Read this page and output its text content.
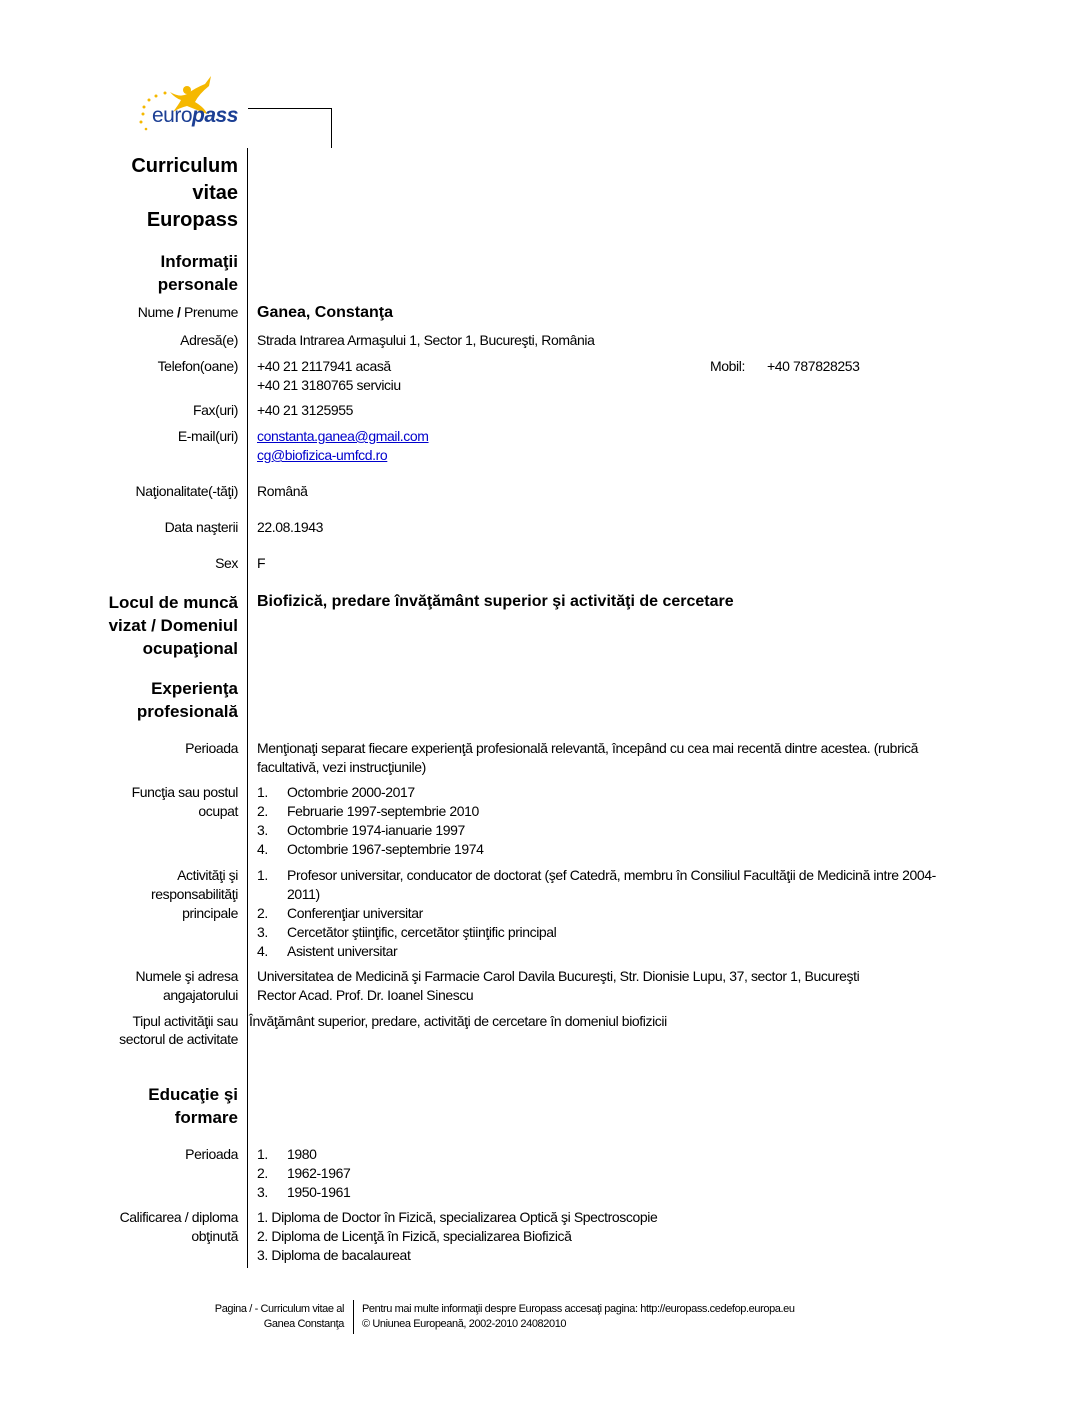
europass
Curriculum
vitae
Europass
Informaţii
personale
Nume / Prenume Ganea, Constanţa
Adresă(e) Strada Intrarea Armaşului 1, Sector 1, Bucureşti, România
Telefon(oane) +40 21 2117941 acasă
+40 21 3180765 serviciu
Mobil: +40 787828253
Fax(uri) +40 21 3125955
E-mail(uri) constanta.ganea@gmail.com
cg@biofizica-umfcd.ro
Naţionalitate(-tăţi) Română
Data naşterii 22.08.1943
Sex F
Locul de muncă
vizat / Domeniul
ocupaţional
Biofizică, predare învăţământ superior şi activităţi de cercetare
Experienţa
profesională
Perioada Menţionaţi separat fiecare experienţă profesională relevantă, începând cu cea mai recentă dintre acestea. (rubrică
facultativă, vezi instrucţiunile)
Funcţia sau postul
ocupat
1. Octombrie 2000-2017
2. Februarie 1997-septembrie 2010
3. Octombrie 1974-ianuarie 1997
4. Octombrie 1967-septembrie 1974
Activităţi şi
responsabilităţi
principale
1. Profesor universitar, conducator de doctorat (şef Catedră, membru în Consiliul Facultăţii de Medicină intre 2004-
2011)
2. Conferenţiar universitar
3. Cercetător ştiinţific, cercetător ştiinţific principal
4. Asistent universitar
Numele şi adresa
angajatorului
Universitatea de Medicină şi Farmacie Carol Davila Bucureşti, Str. Dionisie Lupu, 37, sector 1, Bucureşti
Rector Acad. Prof. Dr. Ioanel Sinescu
Tipul activităţii sau
sectorul de activitate
Învăţământ superior, predare, activităţi de cercetare în domeniul biofizicii
Educaţie şi
formare
Perioada 1. 1980
2. 1962-1967
3. 1950-1961
Calificarea / diploma
obţinută
1. Diploma de Doctor în Fizică, specializarea Optică şi Spectroscopie
2. Diploma de Licenţă în Fizică, specializarea Biofizică
3. Diploma de bacalaureat
Pagina / - Curriculum vitae al
Ganea Constanţa
Pentru mai multe informaţii despre Europass accesaţi pagina: http://europass.cedefop.europa.eu
© Uniunea Europeană, 2002-2010 24082010
